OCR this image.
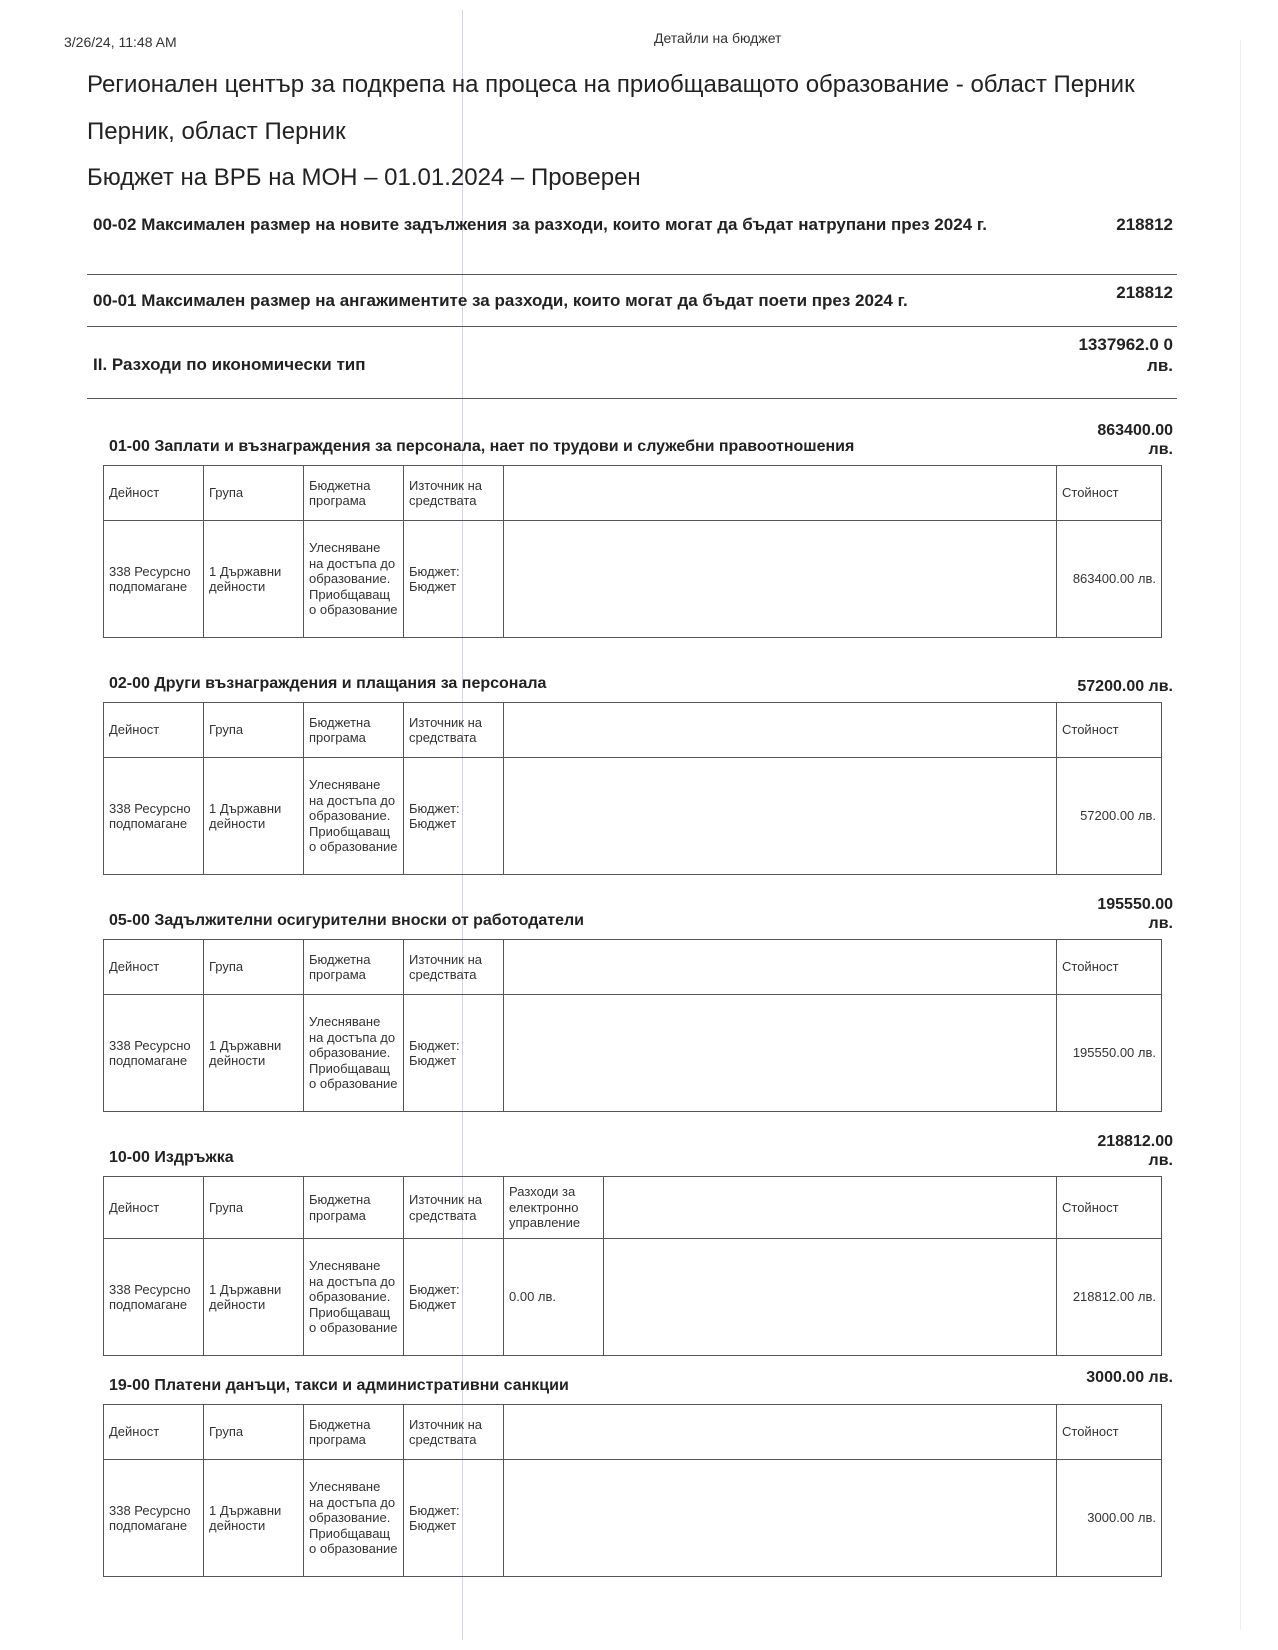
3/26/24, 11:48 AM	Детайли на бюджет
Регионален център за подкрепа на процеса на приобщаващото образование - област Перник
Перник, област Перник
Бюджет на ВРБ на МОН – 01.01.2024 – Проверен
00-02 Максимален размер на новите задължения за разходи, които могат да бъдат натрупани през 2024 г.	218812
00-01 Максимален размер на ангажиментите за разходи, които могат да бъдат поети през 2024 г.	218812
II. Разходи по икономически тип
1337962.0 0 лв.
01-00 Заплати и възнаграждения за персонала, нает по трудови и служебни правоотношения
863400.00 лв.
Дейност	Група	Бюджетна програма	Източник на средствата		Стойност
338 Ресурсно подпомагане	1 Държавни дейности	Улесняване на достъпа до образование. Приобщаващ о образование	Бюджет: Бюджет		863400.00 лв.
02-00 Други възнаграждения и плащания за персонала	57200.00 лв.
Дейност	Група	Бюджетна програма	Източник на средствата		Стойност
338 Ресурсно подпомагане	1 Държавни дейности	Улесняване на достъпа до образование. Приобщаващ о образование	Бюджет: Бюджет		57200.00 лв.
05-00 Задължителни осигурителни вноски от работодатели
195550.00 лв.
Дейност	Група	Бюджетна програма	Източник на средствата		Стойност
338 Ресурсно подпомагане	1 Държавни дейности	Улесняване на достъпа до образование. Приобщаващ о образование	Бюджет: Бюджет		195550.00 лв.
10-00 Издръжка
218812.00 лв.
Дейност	Група	Бюджетна програма	Източник на средствата	Разходи за електронно управление		Стойност
338 Ресурсно подпомагане	1 Държавни дейности	Улесняване на достъпа до образование. Приобщаващ о образование	Бюджет: Бюджет	0.00 лв.		218812.00 лв.
19-00 Платени данъци, такси и административни санкции	3000.00 лв.
Дейност	Група	Бюджетна програма	Източник на средствата		Стойност
338 Ресурсно подпомагане	1 Държавни дейности	Улесняване на достъпа до образование. Приобщаващ о образование	Бюджет: Бюджет		3000.00 лв.
